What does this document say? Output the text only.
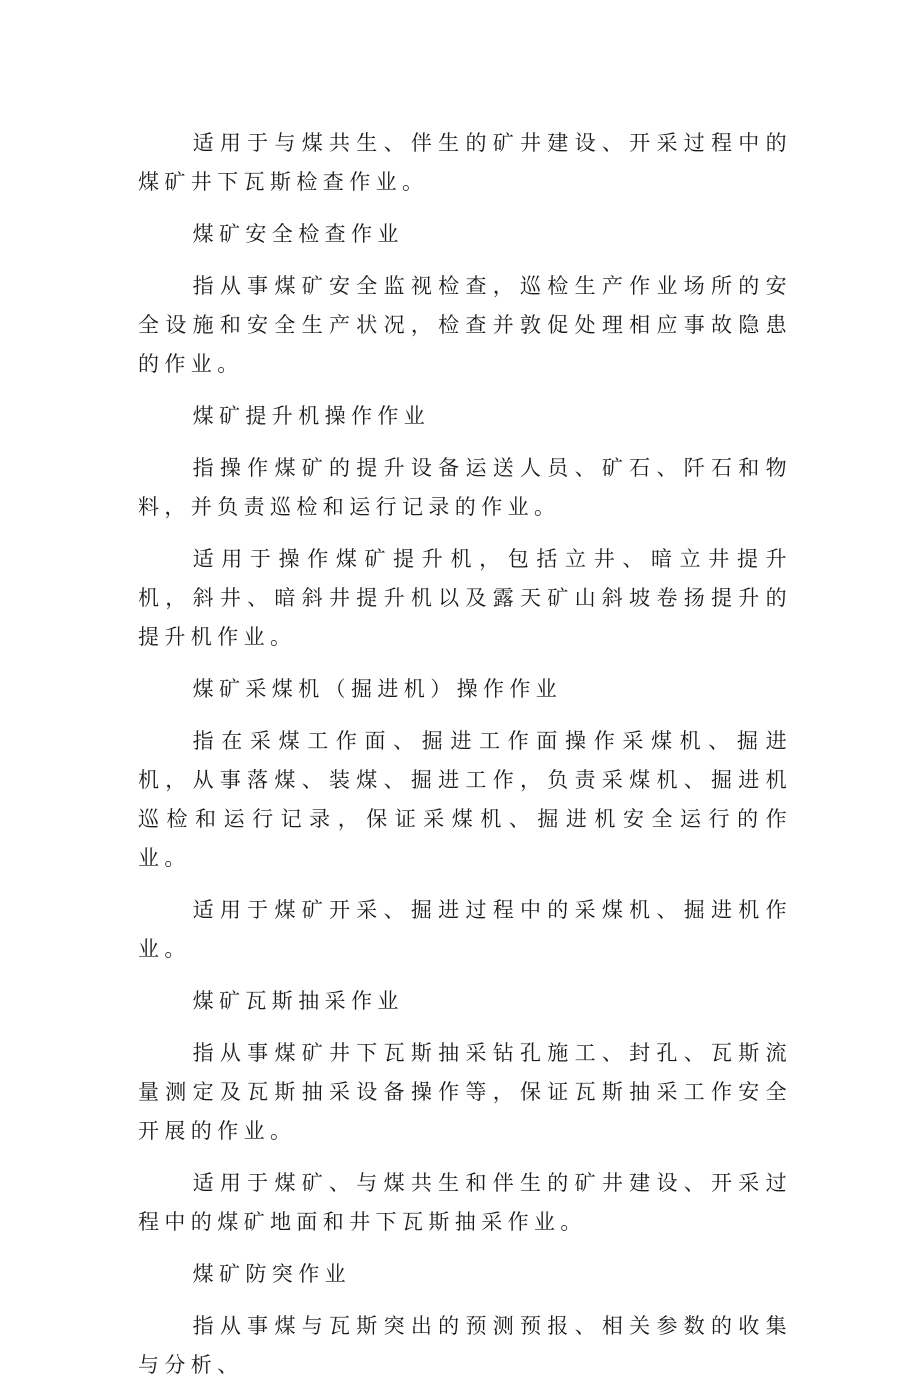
适用于与煤共生、伴生的矿井建设、开采过程中的煤矿井下瓦斯检查作业。

煤矿安全检查作业

指从事煤矿安全监视检查，巡检生产作业场所的安全设施和安全生产状况，检查并敦促处理相应事故隐患的作业。

煤矿提升机操作作业

指操作煤矿的提升设备运送人员、矿石、阡石和物料，并负责巡检和运行记录的作业。

适用于操作煤矿提升机，包括立井、暗立井提升机，斜井、暗斜井提升机以及露天矿山斜坡卷扬提升的提升机作业。

煤矿采煤机（掘进机）操作作业

指在采煤工作面、掘进工作面操作采煤机、掘进机，从事落煤、装煤、掘进工作，负责采煤机、掘进机巡检和运行记录，保证采煤机、掘进机安全运行的作业。

适用于煤矿开采、掘进过程中的采煤机、掘进机作业。

煤矿瓦斯抽采作业

指从事煤矿井下瓦斯抽采钻孔施工、封孔、瓦斯流量测定及瓦斯抽采设备操作等，保证瓦斯抽采工作安全开展的作业。

适用于煤矿、与煤共生和伴生的矿井建设、开采过程中的煤矿地面和井下瓦斯抽采作业。

煤矿防突作业

指从事煤与瓦斯突出的预测预报、相关参数的收集与分析、
